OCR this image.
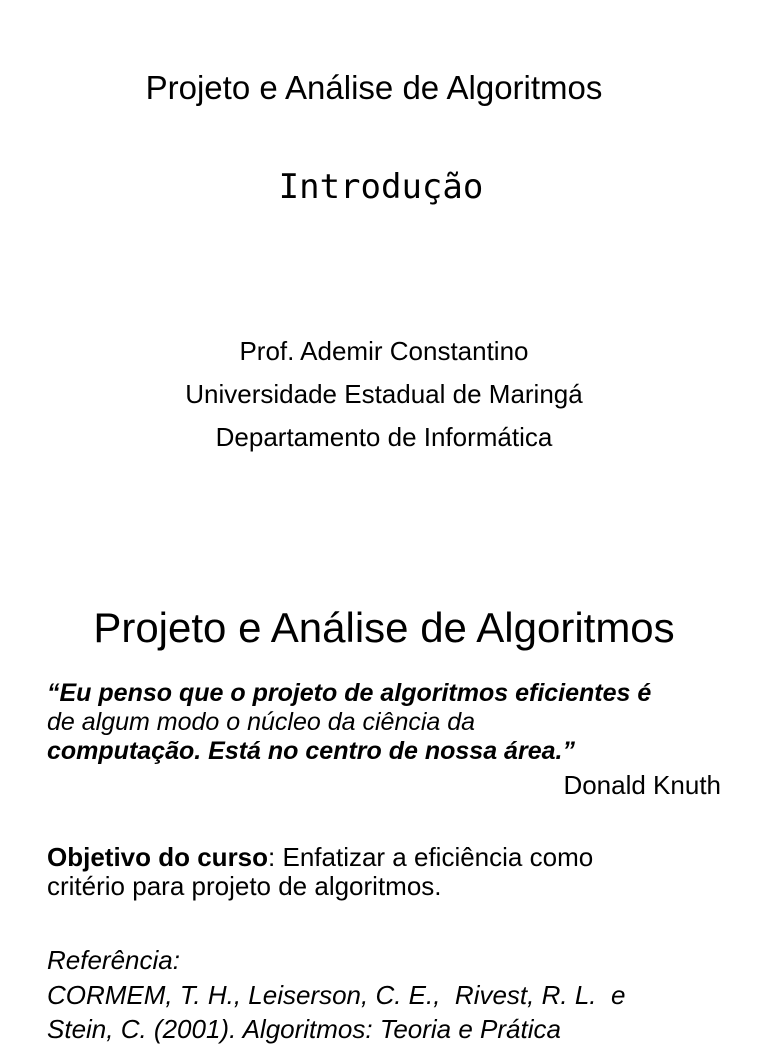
Projeto e Análise de Algoritmos
Introdução
Prof. Ademir Constantino
Universidade Estadual de Maringá
Departamento de Informática
Projeto e Análise de Algoritmos
“Eu penso que o projeto de algoritmos eficientes é
de algum modo o núcleo da ciência da
computação. Está no centro de nossa área.”
Donald Knuth
Objetivo do curso: Enfatizar a eficiência como
critério para projeto de algoritmos.
Referência:
CORMEM, T. H., Leiserson, C. E.,  Rivest, R. L.  e
Stein, C. (2001). Algoritmos: Teoria e Prática
